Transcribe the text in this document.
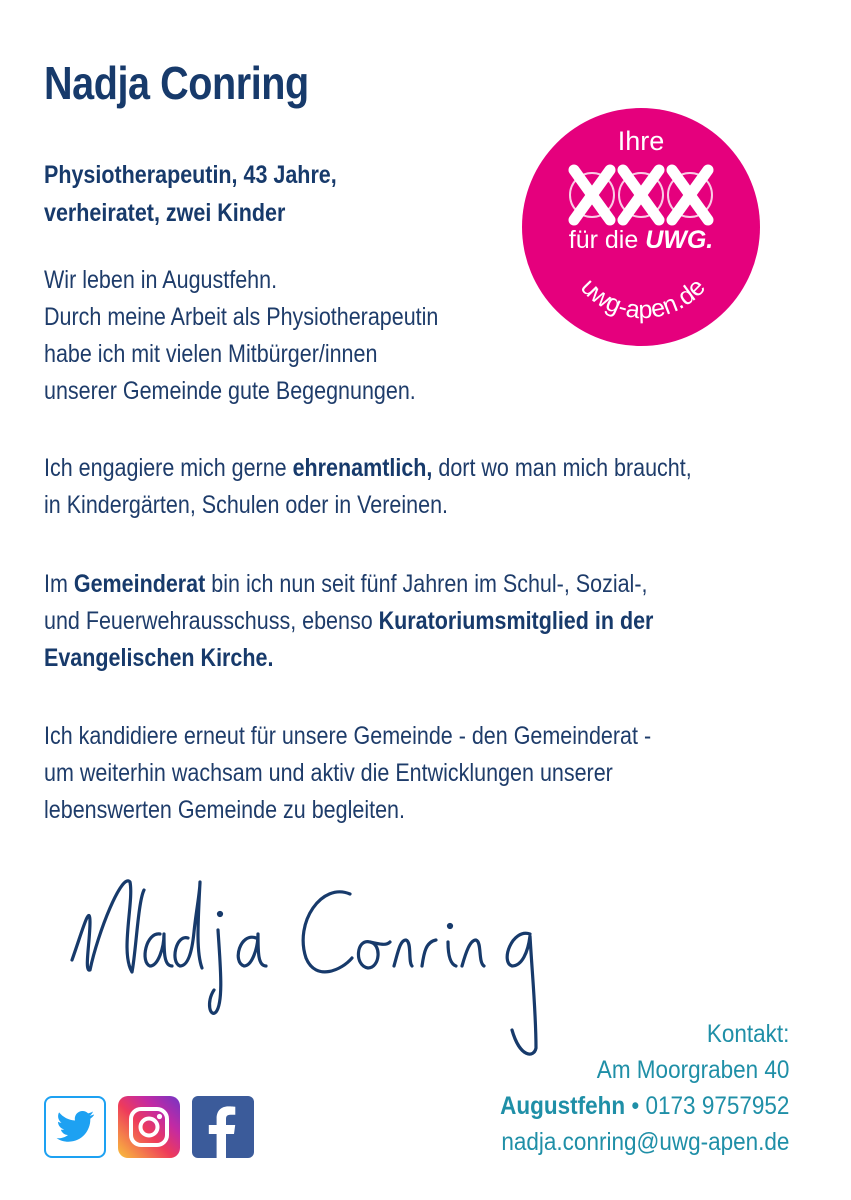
Nadja Conring
Physiotherapeutin, 43 Jahre,
verheiratet, zwei Kinder
Wir leben in Augustfehn.
Durch meine Arbeit als Physiotherapeutin
habe ich mit vielen Mitbürger/innen
unserer Gemeinde gute Begegnungen.
Ich engagiere mich gerne ehrenamtlich, dort wo man mich braucht,
in Kindergärten, Schulen oder in Vereinen.
Im Gemeinderat bin ich nun seit fünf Jahren im Schul-, Sozial-,
und Feuerwehrausschuss, ebenso Kuratoriumsmitglied in der
Evangelischen Kirche.
Ich kandidiere erneut für unsere Gemeinde - den Gemeinderat -
um weiterhin wachsam und aktiv die Entwicklungen unserer
lebenswerten Gemeinde zu begleiten.
Ihre
für die UWG.
uwg-apen.de
Kontakt:
Am Moorgraben 40
Augustfehn • 0173 9757952
nadja.conring@uwg-apen.de
